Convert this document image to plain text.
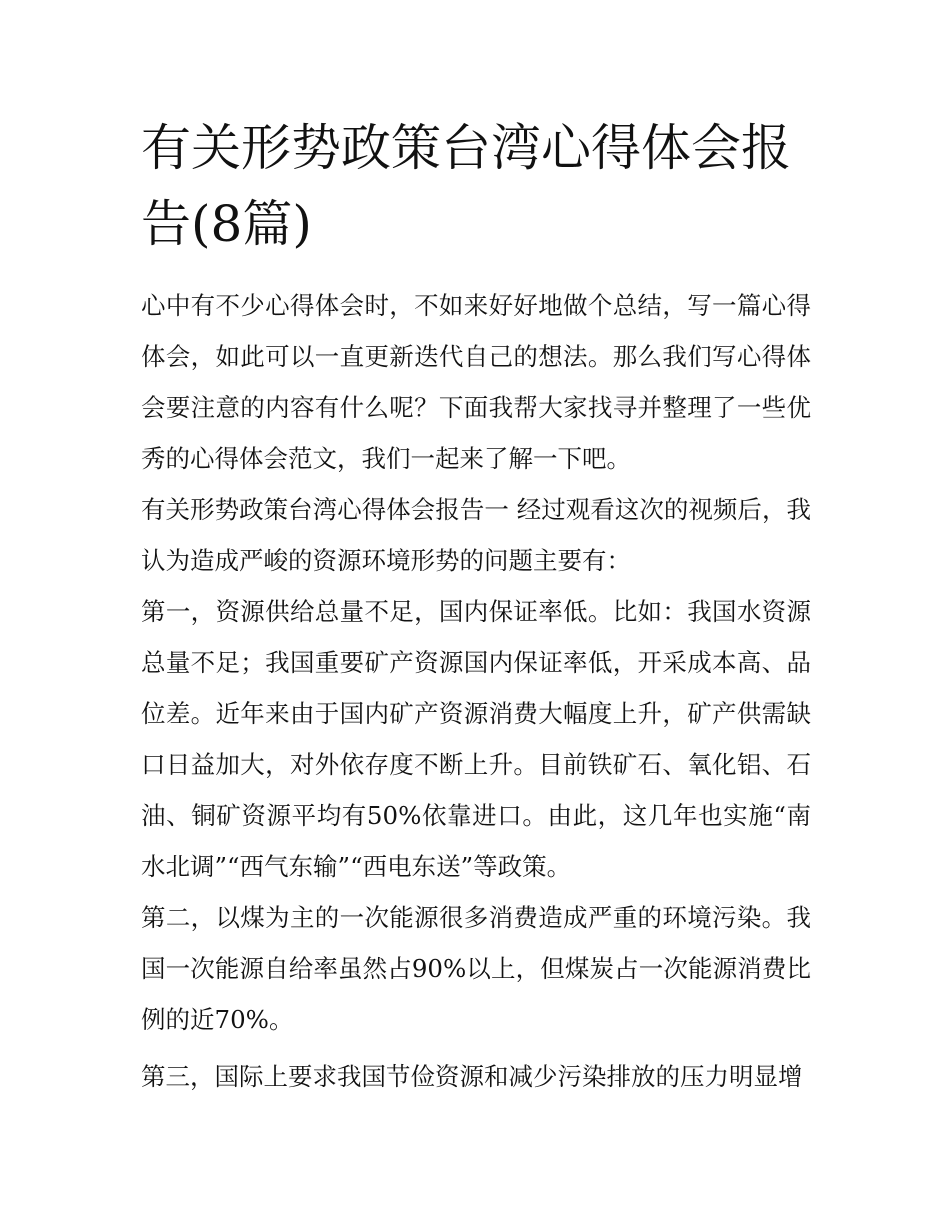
有关形势政策台湾心得体会报告(8篇)

心中有不少心得体会时，不如来好好地做个总结，写一篇心得体会，如此可以一直更新迭代自己的想法。那么我们写心得体会要注意的内容有什么呢？下面我帮大家找寻并整理了一些优秀的心得体会范文，我们一起来了解一下吧。

有关形势政策台湾心得体会报告一 经过观看这次的视频后，我认为造成严峻的资源环境形势的问题主要有：

第一，资源供给总量不足，国内保证率低。比如：我国水资源总量不足；我国重要矿产资源国内保证率低，开采成本高、品位差。近年来由于国内矿产资源消费大幅度上升，矿产供需缺口日益加大，对外依存度不断上升。目前铁矿石、氧化铝、石油、铜矿资源平均有50%依靠进口。由此，这几年也实施“南水北调”“西气东输”“西电东送”等政策。

第二，以煤为主的一次能源很多消费造成严重的环境污染。我国一次能源自给率虽然占90%以上，但煤炭占一次能源消费比例的近70%。

第三，国际上要求我国节俭资源和减少污染排放的压力明显增
